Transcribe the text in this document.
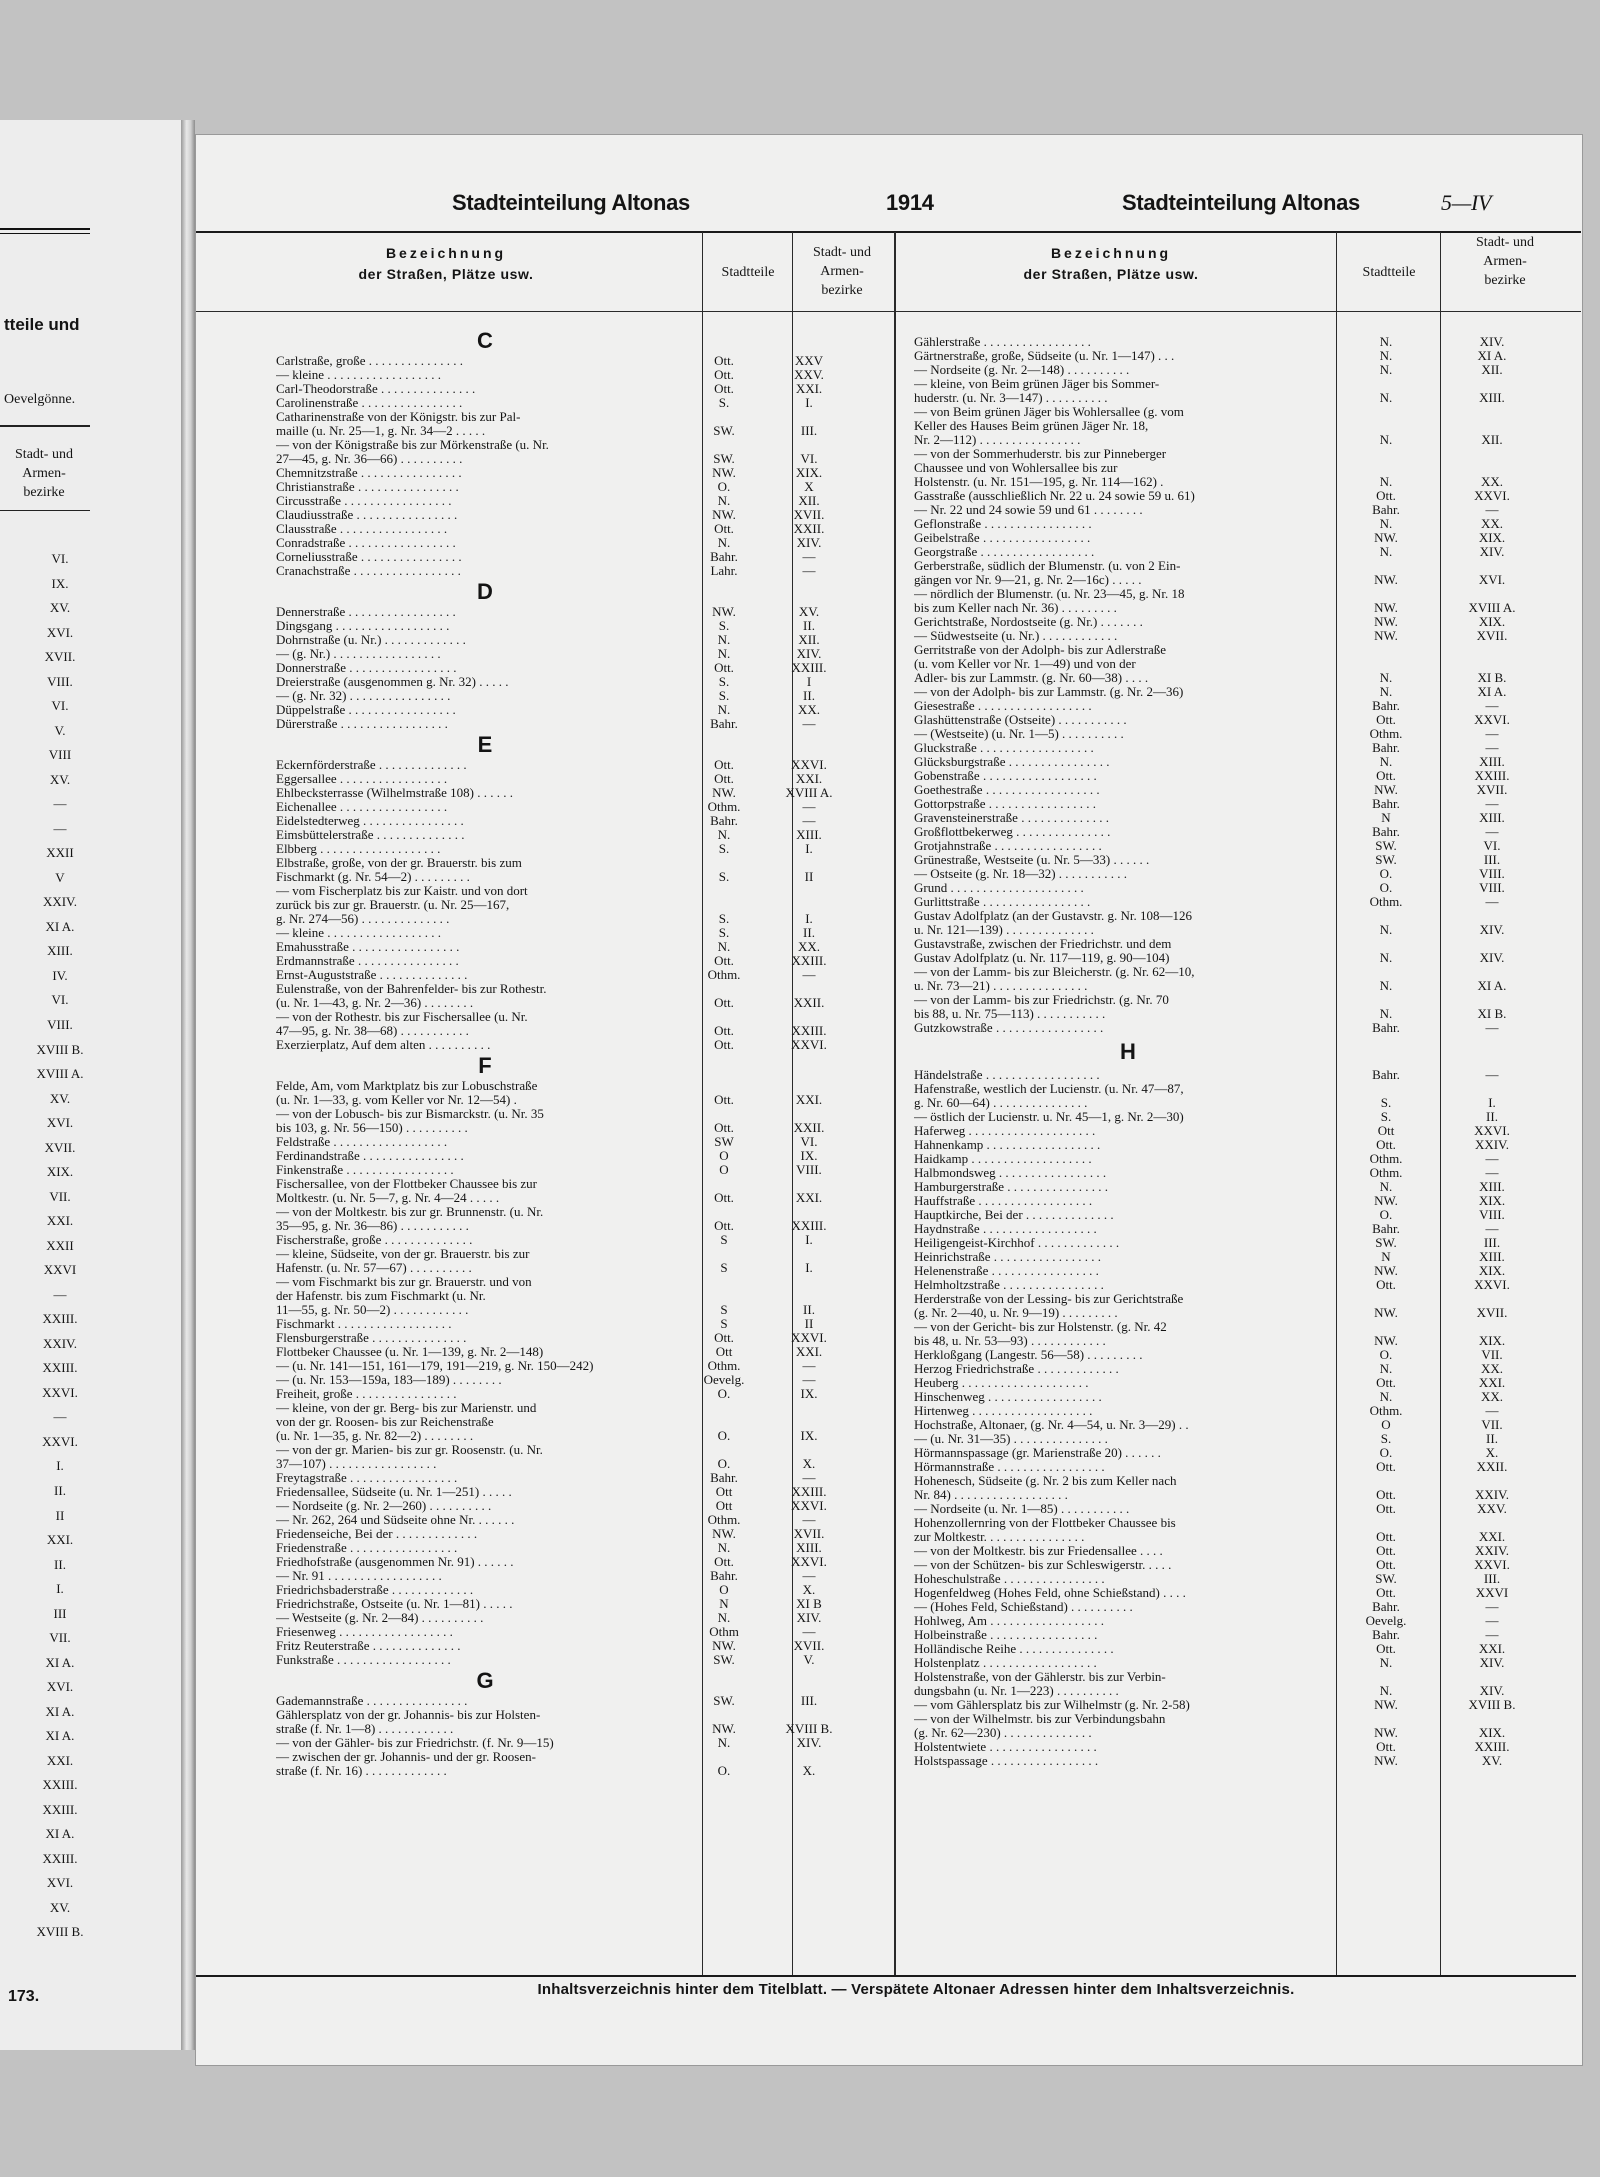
tteile und
Oevelgönne.
Stadt- und
Armen-
bezirke
VI.
IX.
XV.
XVI.
XVII.
VIII.
VI.
V.
VIII
XV.
—
—
XXII
V
XXIV.
XI A.
XIII.
IV.
VI.
VIII.
XVIII B.
XVIII A.
XV.
XVI.
XVII.
XIX.
VII.
XXI.
XXII
XXVI
—
XXIII.
XXIV.
XXIII.
XXVI.
—
XXVI.
I.
II.
II
XXI.
II.
I.
III
VII.
XI A.
XVI.
XI A.
XI A.
XXI.
XXIII.
XXIII.
XI A.
XXIII.
XVI.
XV.
XVIII B.
173.
Stadteinteilung Altonas	1914	Stadteinteilung Altonas	5—IV
Bezeichnung
der Straßen, Plätze usw.	Stadtteile
Stadt- und
Armen-
bezirke
Bezeichnung
der Straßen, Plätze usw.	Stadtteile
Stadt- und
Armen-
bezirke
C
Carlstraße, große . . . . . . . . . . . . . . .	Ott.	XXV
— kleine . . . . . . . . . . . . . . . . . .	Ott.	XXV.
Carl-Theodorstraße . . . . . . . . . . . . . . .	Ott.	XXI.
Carolinenstraße . . . . . . . . . . . . . . . .	S.	I.
Catharinenstraße von der Königstr. bis zur Pal-
maille (u. Nr. 25—1, g. Nr. 34—2 . . . . .	SW.	III.
— von der Königstraße bis zur Mörkenstraße (u. Nr.
27—45, g. Nr. 36—66) . . . . . . . . . .	SW.	VI.
Chemnitzstraße . . . . . . . . . . . . . . . .	NW.	XIX.
Christianstraße . . . . . . . . . . . . . . . .	O.	X
Circusstraße . . . . . . . . . . . . . . . . .	N.	XII.
Claudiusstraße . . . . . . . . . . . . . . . .	NW.	XVII.
Clausstraße . . . . . . . . . . . . . . . . .	Ott.	XXII.
Conradstraße . . . . . . . . . . . . . . . . .	N.	XIV.
Corneliusstraße . . . . . . . . . . . . . . . .	Bahr.	—
Cranachstraße . . . . . . . . . . . . . . . . .	Lahr.	—
D
Dennerstraße . . . . . . . . . . . . . . . . .	NW.	XV.
Dingsgang . . . . . . . . . . . . . . . . . .	S.	II.
Dohrnstraße (u. Nr.) . . . . . . . . . . . . .	N.	XII.
— (g. Nr.) . . . . . . . . . . . . . . . . .	N.	XIV.
Donnerstraße . . . . . . . . . . . . . . . . .	Ott.	XXIII.
Dreierstraße (ausgenommen g. Nr. 32) . . . . .	S.	I
— (g. Nr. 32) . . . . . . . . . . . . . . . .	S.	II.
Düppelstraße . . . . . . . . . . . . . . . . .	N.	XX.
Dürerstraße . . . . . . . . . . . . . . . . .	Bahr.	—
E
Eckernförderstraße . . . . . . . . . . . . . .	Ott.	XXVI.
Eggersallee . . . . . . . . . . . . . . . . .	Ott.	XXI.
Ehlbecksterrasse (Wilhelmstraße 108) . . . . . .	NW.	XVIII A.
Eichenallee . . . . . . . . . . . . . . . . .	Othm.	—
Eidelstedterweg . . . . . . . . . . . . . . . .	Bahr.	—
Eimsbüttelerstraße . . . . . . . . . . . . . .	N.	XIII.
Elbberg . . . . . . . . . . . . . . . . . . .	S.	I.
Elbstraße, große, von der gr. Brauerstr. bis zum
Fischmarkt (g. Nr. 54—2) . . . . . . . . .	S.	II
— vom Fischerplatz bis zur Kaistr. und von dort
zurück bis zur gr. Brauerstr. (u. Nr. 25—167,
g. Nr. 274—56) . . . . . . . . . . . . . .	S.	I.
— kleine . . . . . . . . . . . . . . . . . .	S.	II.
Emahusstraße . . . . . . . . . . . . . . . . .	N.	XX.
Erdmannstraße . . . . . . . . . . . . . . . .	Ott.	XXIII.
Ernst-Auguststraße . . . . . . . . . . . . . .	Othm.	—
Eulenstraße, von der Bahrenfelder- bis zur Rothestr.
(u. Nr. 1—43, g. Nr. 2—36) . . . . . . . .	Ott.	XXII.
— von der Rothestr. bis zur Fischersallee (u. Nr.
47—95, g. Nr. 38—68) . . . . . . . . . . .	Ott.	XXIII.
Exerzierplatz, Auf dem alten . . . . . . . . . .	Ott.	XXVI.
F
Felde, Am, vom Marktplatz bis zur Lobuschstraße
(u. Nr. 1—33, g. vom Keller vor Nr. 12—54) .	Ott.	XXI.
— von der Lobusch- bis zur Bismarckstr. (u. Nr. 35
bis 103, g. Nr. 56—150) . . . . . . . . . .	Ott.	XXII.
Feldstraße . . . . . . . . . . . . . . . . . .	SW	VI.
Ferdinandstraße . . . . . . . . . . . . . . . .	O	IX.
Finkenstraße . . . . . . . . . . . . . . . . .	O	VIII.
Fischersallee, von der Flottbeker Chaussee bis zur
Moltkestr. (u. Nr. 5—7, g. Nr. 4—24 . . . . .	Ott.	XXI.
— von der Moltkestr. bis zur gr. Brunnenstr. (u. Nr.
35—95, g. Nr. 36—86) . . . . . . . . . . .	Ott.	XXIII.
Fischerstraße, große . . . . . . . . . . . . . .	S	I.
— kleine, Südseite, von der gr. Brauerstr. bis zur
Hafenstr. (u. Nr. 57—67) . . . . . . . . . .	S	I.
— vom Fischmarkt bis zur gr. Brauerstr. und von
der Hafenstr. bis zum Fischmarkt (u. Nr.
11—55, g. Nr. 50—2) . . . . . . . . . . . .	S	II.
Fischmarkt . . . . . . . . . . . . . . . . . .	S	II
Flensburgerstraße . . . . . . . . . . . . . . .	Ott.	XXVI.
Flottbeker Chaussee (u. Nr. 1—139, g. Nr. 2—148)	Ott	XXI.
— (u. Nr. 141—151, 161—179, 191—219, g. Nr. 150—242)	Othm.	—
— (u. Nr. 153—159a, 183—189) . . . . . . . .	Oevelg.	—
Freiheit, große . . . . . . . . . . . . . . . .	O.	IX.
— kleine, von der gr. Berg- bis zur Marienstr. und
von der gr. Roosen- bis zur Reichenstraße
(u. Nr. 1—35, g. Nr. 82—2) . . . . . . . .	O.	IX.
— von der gr. Marien- bis zur gr. Roosenstr. (u. Nr.
37—107) . . . . . . . . . . . . . . . . .	O.	X.
Freytagstraße . . . . . . . . . . . . . . . . .	Bahr.	—
Friedensallee, Südseite (u. Nr. 1—251) . . . . .	Ott	XXIII.
— Nordseite (g. Nr. 2—260) . . . . . . . . . .	Ott	XXVI.
— Nr. 262, 264 und Südseite ohne Nr. . . . . . .	Othm.	—
Friedenseiche, Bei der . . . . . . . . . . . . .	NW.	XVII.
Friedenstraße . . . . . . . . . . . . . . . . .	N.	XIII.
Friedhofstraße (ausgenommen Nr. 91) . . . . . .	Ott.	XXVI.
— Nr. 91 . . . . . . . . . . . . . . . . . .	Bahr.	—
Friedrichsbaderstraße . . . . . . . . . . . . .	O	X.
Friedrichstraße, Ostseite (u. Nr. 1—81) . . . . .	N	XI B
— Westseite (g. Nr. 2—84) . . . . . . . . . .	N.	XIV.
Friesenweg . . . . . . . . . . . . . . . . . .	Othm	—
Fritz Reuterstraße . . . . . . . . . . . . . .	NW.	XVII.
Funkstraße . . . . . . . . . . . . . . . . . .	SW.	V.
G
Gademannstraße . . . . . . . . . . . . . . . .	SW.	III.
Gählersplatz von der gr. Johannis- bis zur Holsten-
straße (f. Nr. 1—8) . . . . . . . . . . . .	NW.	XVIII B.
— von der Gähler- bis zur Friedrichstr. (f. Nr. 9—15)	N.	XIV.
— zwischen der gr. Johannis- und der gr. Roosen-
straße (f. Nr. 16) . . . . . . . . . . . . .	O.	X.
Gählerstraße . . . . . . . . . . . . . . . . .	N.	XIV.
Gärtnerstraße, große, Südseite (u. Nr. 1—147) . . .	N.	XI A.
— Nordseite (g. Nr. 2—148) . . . . . . . . . .	N.	XII.
— kleine, von Beim grünen Jäger bis Sommer-
huderstr. (u. Nr. 3—147) . . . . . . . . . .	N.	XIII.
— von Beim grünen Jäger bis Wohlersallee (g. vom
Keller des Hauses Beim grünen Jäger Nr. 18,
Nr. 2—112) . . . . . . . . . . . . . . . .	N.	XII.
— von der Sommerhuderstr. bis zur Pinneberger
Chaussee und von Wohlersallee bis zur
Holstenstr. (u. Nr. 151—195, g. Nr. 114—162) .	N.	XX.
Gasstraße (ausschließlich Nr. 22 u. 24 sowie 59 u. 61)	Ott.	XXVI.
— Nr. 22 und 24 sowie 59 und 61 . . . . . . . .	Bahr.	—
Geflonstraße . . . . . . . . . . . . . . . . .	N.	XX.
Geibelstraße . . . . . . . . . . . . . . . . .	NW.	XIX.
Georgstraße . . . . . . . . . . . . . . . . . .	N.	XIV.
Gerberstraße, südlich der Blumenstr. (u. von 2 Ein-
gängen vor Nr. 9—21, g. Nr. 2—16c) . . . . .	NW.	XVI.
— nördlich der Blumenstr. (u. Nr. 23—45, g. Nr. 18
bis zum Keller nach Nr. 36) . . . . . . . . .	NW.	XVIII A.
Gerichtstraße, Nordostseite (g. Nr.) . . . . . . .	NW.	XIX.
— Südwestseite (u. Nr.) . . . . . . . . . . . .	NW.	XVII.
Gerritstraße von der Adolph- bis zur Adlerstraße
(u. vom Keller vor Nr. 1—49) und von der
Adler- bis zur Lammstr. (g. Nr. 60—38) . . . .	N.	XI B.
— von der Adolph- bis zur Lammstr. (g. Nr. 2—36)	N.	XI A.
Giesestraße . . . . . . . . . . . . . . . . . .	Bahr.	—
Glashüttenstraße (Ostseite) . . . . . . . . . . .	Ott.	XXVI.
— (Westseite) (u. Nr. 1—5) . . . . . . . . . .	Othm.	—
Gluckstraße . . . . . . . . . . . . . . . . . .	Bahr.	—
Glücksburgstraße . . . . . . . . . . . . . . . .	N.	XIII.
Gobenstraße . . . . . . . . . . . . . . . . . .	Ott.	XXIII.
Goethestraße . . . . . . . . . . . . . . . . . .	NW.	XVII.
Gottorpstraße . . . . . . . . . . . . . . . . .	Bahr.	—
Gravensteinerstraße . . . . . . . . . . . . . .	N	XIII.
Großflottbekerweg . . . . . . . . . . . . . . .	Bahr.	—
Grotjahnstraße . . . . . . . . . . . . . . . . .	SW.	VI.
Grünestraße, Westseite (u. Nr. 5—33) . . . . . .	SW.	III.
— Ostseite (g. Nr. 18—32) . . . . . . . . . . .	O.	VIII.
Grund . . . . . . . . . . . . . . . . . . . . .	O.	VIII.
Gurlittstraße . . . . . . . . . . . . . . . . .	Othm.	—
Gustav Adolfplatz (an der Gustavstr. g. Nr. 108—126
u. Nr. 121—139) . . . . . . . . . . . . . .	N.	XIV.
Gustavstraße, zwischen der Friedrichstr. und dem
Gustav Adolfplatz (u. Nr. 117—119, g. 90—104)	N.	XIV.
— von der Lamm- bis zur Bleicherstr. (g. Nr. 62—10,
u. Nr. 73—21) . . . . . . . . . . . . . . .	N.	XI A.
— von der Lamm- bis zur Friedrichstr. (g. Nr. 70
bis 88, u. Nr. 75—113) . . . . . . . . . . .	N.	XI B.
Gutzkowstraße . . . . . . . . . . . . . . . . .	Bahr.	—
H
Händelstraße . . . . . . . . . . . . . . . . . .	Bahr.	—
Hafenstraße, westlich der Lucienstr. (u. Nr. 47—87,
g. Nr. 60—64) . . . . . . . . . . . . . . .	S.	I.
— östlich der Lucienstr. u. Nr. 45—1, g. Nr. 2—30)	S.	II.
Haferweg . . . . . . . . . . . . . . . . . . . .	Ott	XXVI.
Hahnenkamp . . . . . . . . . . . . . . . . . .	Ott.	XXIV.
Haidkamp . . . . . . . . . . . . . . . . . . .	Othm.	—
Halbmondsweg . . . . . . . . . . . . . . . . .	Othm.	—
Hamburgerstraße . . . . . . . . . . . . . . . .	N.	XIII.
Hauffstraße . . . . . . . . . . . . . . . . . .	NW.	XIX.
Hauptkirche, Bei der . . . . . . . . . . . . . .	O.	VIII.
Haydnstraße . . . . . . . . . . . . . . . . . .	Bahr.	—
Heiligengeist-Kirchhof . . . . . . . . . . . . .	SW.	III.
Heinrichstraße . . . . . . . . . . . . . . . . .	N	XIII.
Helenenstraße . . . . . . . . . . . . . . . . .	NW.	XIX.
Helmholtzstraße . . . . . . . . . . . . . . . .	Ott.	XXVI.
Herderstraße von der Lessing- bis zur Gerichtstraße
(g. Nr. 2—40, u. Nr. 9—19) . . . . . . . . .	NW.	XVII.
— von der Gericht- bis zur Holstenstr. (g. Nr. 42
bis 48, u. Nr. 53—93) . . . . . . . . . . . .	NW.	XIX.
Herkloßgang (Langestr. 56—58) . . . . . . . . .	O.	VII.
Herzog Friedrichstraße . . . . . . . . . . . . .	N.	XX.
Heuberg . . . . . . . . . . . . . . . . . . . .	Ott.	XXI.
Hinschenweg . . . . . . . . . . . . . . . . . .	N.	XX.
Hirtenweg . . . . . . . . . . . . . . . . . . .	Othm.	—
Hochstraße, Altonaer, (g. Nr. 4—54, u. Nr. 3—29) . .	O	VII.
— (u. Nr. 31—35) . . . . . . . . . . . . . . .	S.	II.
Hörmannspassage (gr. Marienstraße 20) . . . . . .	O.	X.
Hörmannstraße . . . . . . . . . . . . . . . . .	Ott.	XXII.
Hohenesch, Südseite (g. Nr. 2 bis zum Keller nach
Nr. 84) . . . . . . . . . . . . . . . . . .	Ott.	XXIV.
— Nordseite (u. Nr. 1—85) . . . . . . . . . . .	Ott.	XXV.
Hohenzollernring von der Flottbeker Chaussee bis
zur Moltkestr. . . . . . . . . . . . . . . .	Ott.	XXI.
— von der Moltkestr. bis zur Friedensallee . . . .	Ott.	XXIV.
— von der Schützen- bis zur Schleswigerstr. . . . .	Ott.	XXVI.
Hoheschulstraße . . . . . . . . . . . . . . . .	SW.	III.
Hogenfeldweg (Hohes Feld, ohne Schießstand) . . . .	Ott.	XXVI
— (Hohes Feld, Schießstand) . . . . . . . . . .	Bahr.	—
Hohlweg, Am . . . . . . . . . . . . . . . . . .	Oevelg.	—
Holbeinstraße . . . . . . . . . . . . . . . . .	Bahr.	—
Holländische Reihe . . . . . . . . . . . . . . .	Ott.	XXI.
Holstenplatz . . . . . . . . . . . . . . . . . .	N.	XIV.
Holstenstraße, von der Gählerstr. bis zur Verbin-
dungsbahn (u. Nr. 1—223) . . . . . . . . . .	N.	XIV.
— vom Gählersplatz bis zur Wilhelmstr (g. Nr. 2-58)	NW.	XVIII B.
— von der Wilhelmstr. bis zur Verbindungsbahn
(g. Nr. 62—230) . . . . . . . . . . . . . .	NW.	XIX.
Holstentwiete . . . . . . . . . . . . . . . . .	Ott.	XXIII.
Holstspassage . . . . . . . . . . . . . . . . .	NW.	XV.
Inhaltsverzeichnis hinter dem Titelblatt. — Verspätete Altonaer Adressen hinter dem Inhaltsverzeichnis.
